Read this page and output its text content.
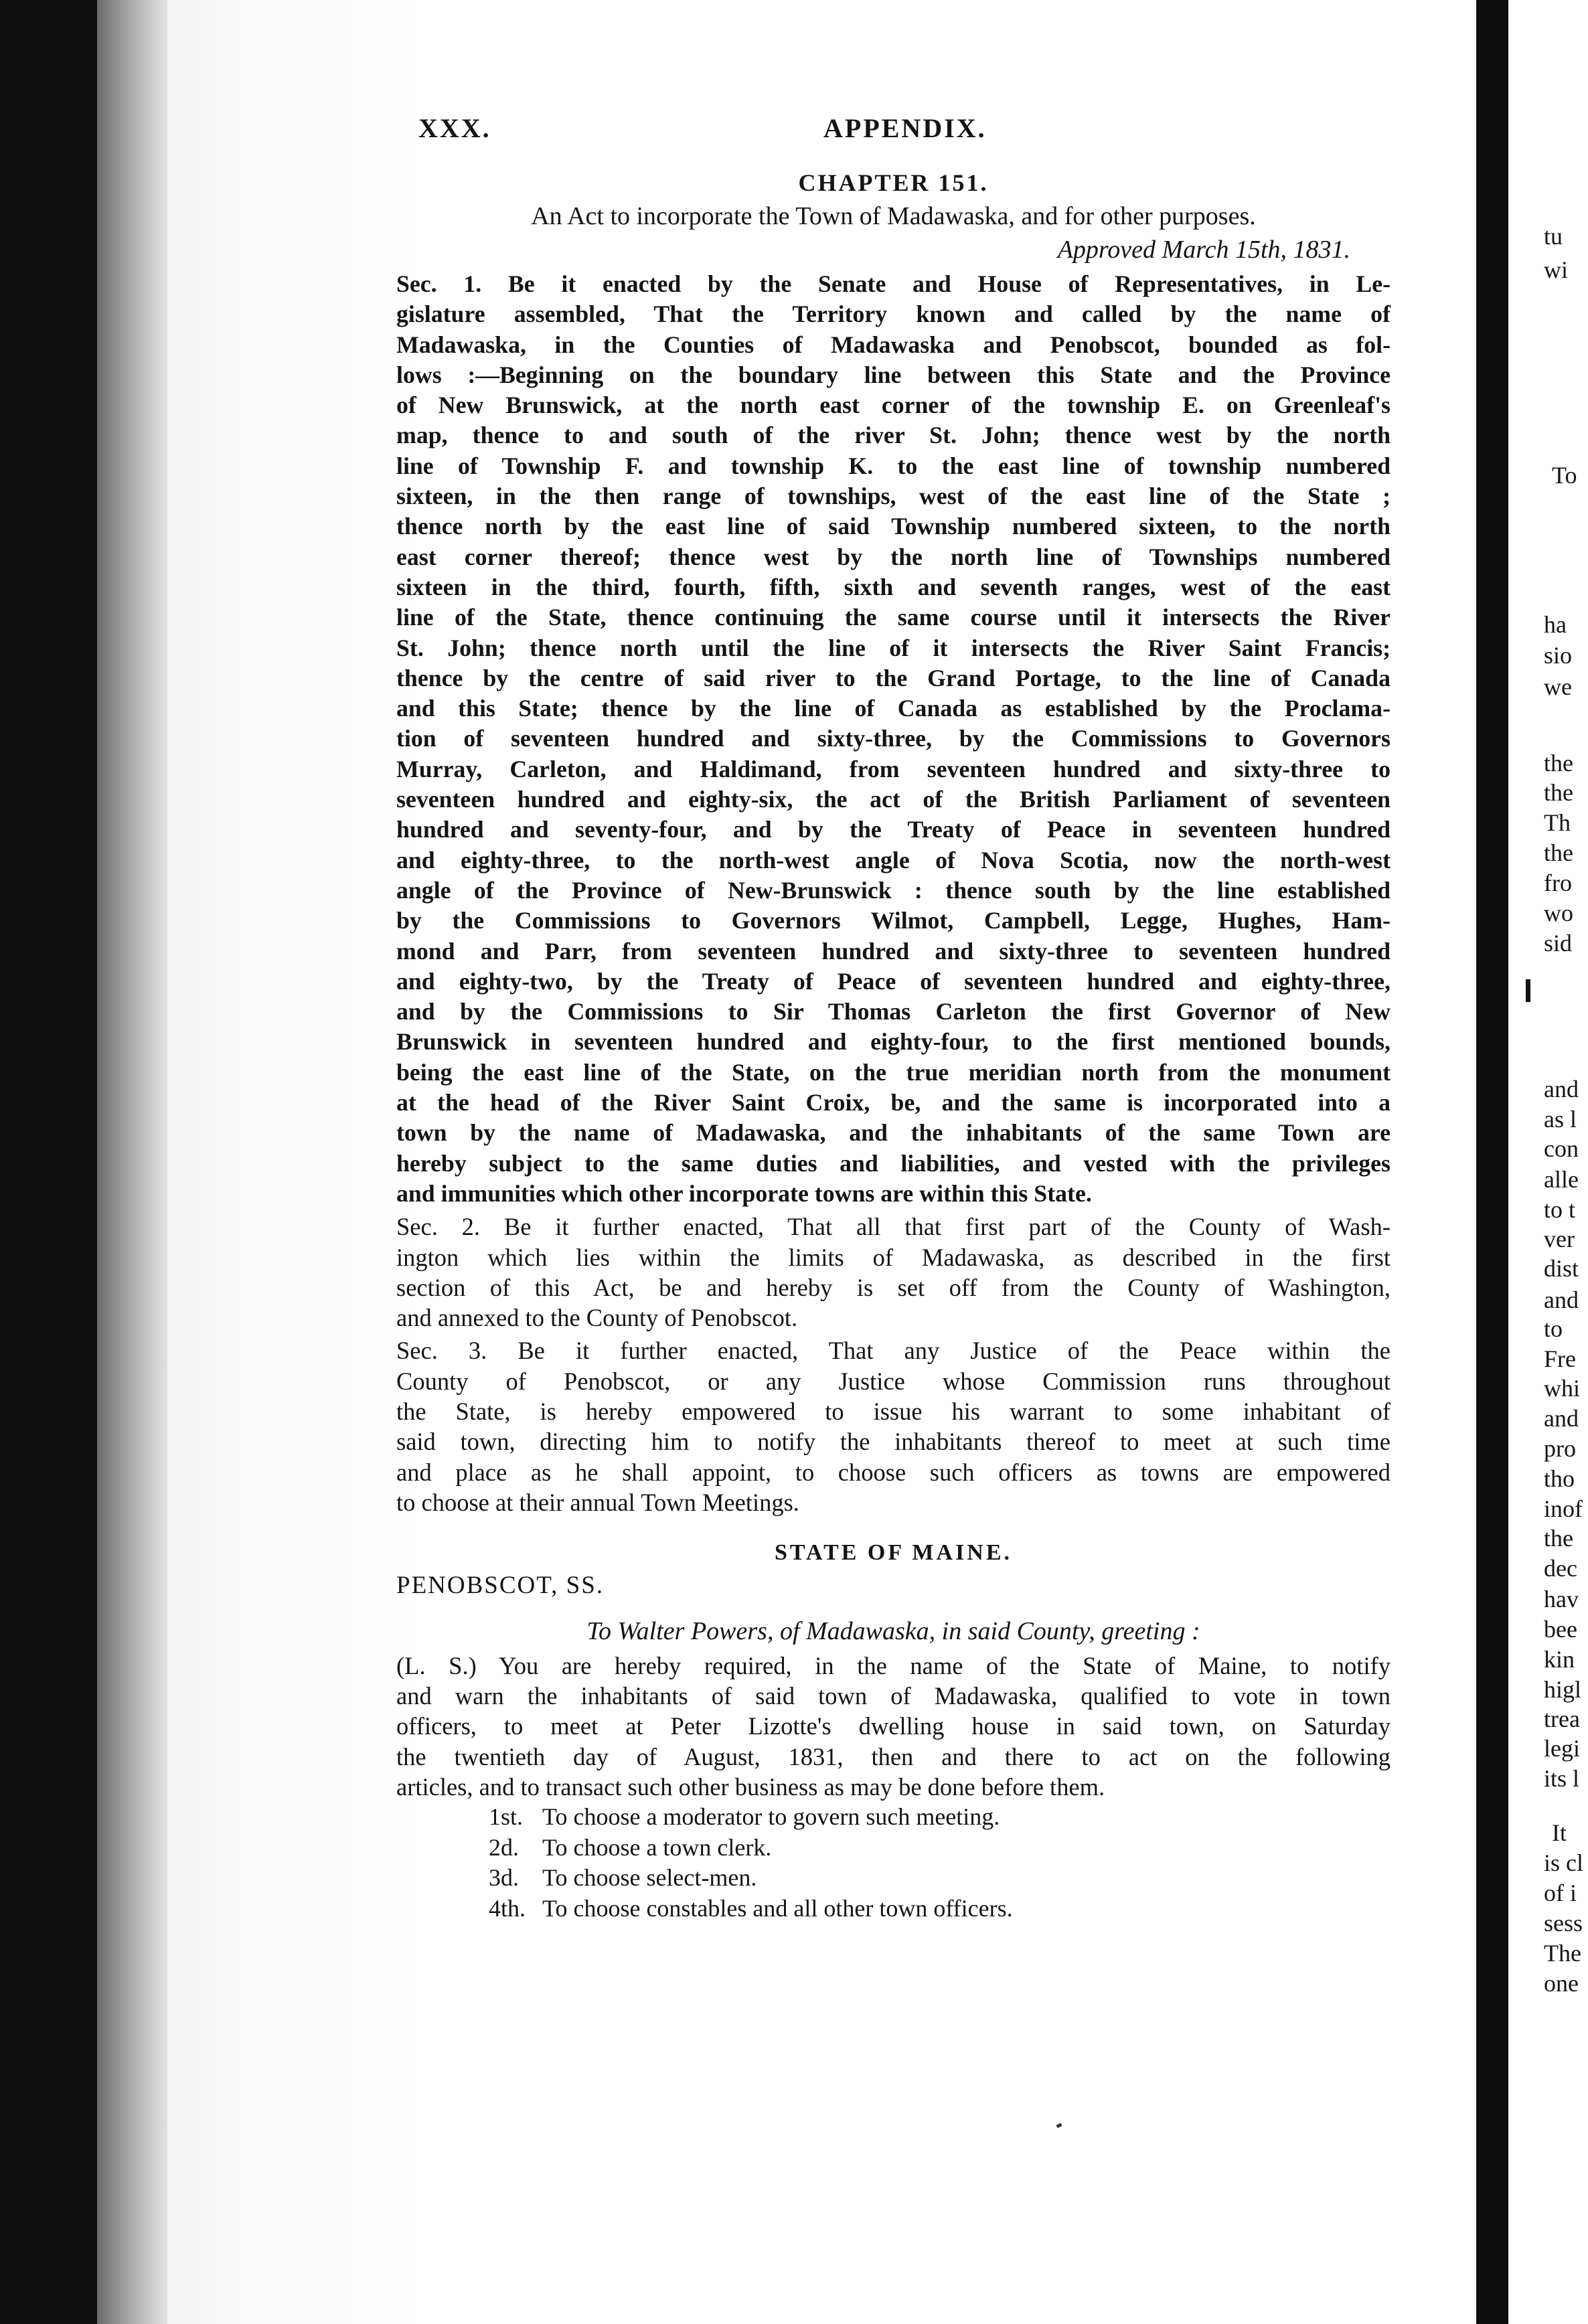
XXX.	APPENDIX.
CHAPTER 151.
An Act to incorporate the Town of Madawaska, and for other purposes.
Approved March 15th, 1831.
Sec. 1. Be it enacted by the Senate and House of Representatives, in Le-
gislature assembled, That the Territory known and called by the name of
Madawaska, in the Counties of Madawaska and Penobscot, bounded as fol-
lows :—Beginning on the boundary line between this State and the Province
of New Brunswick, at the north east corner of the township E. on Greenleaf's
map, thence to and south of the river St. John; thence west by the north
line of Township F. and township K. to the east line of township numbered
sixteen, in the then range of townships, west of the east line of the State ;
thence north by the east line of said Township numbered sixteen, to the north
east corner thereof; thence west by the north line of Townships numbered
sixteen in the third, fourth, fifth, sixth and seventh ranges, west of the east
line of the State, thence continuing the same course until it intersects the River
St. John; thence north until the line of it intersects the River Saint Francis;
thence by the centre of said river to the Grand Portage, to the line of Canada
and this State; thence by the line of Canada as established by the Proclama-
tion of seventeen hundred and sixty-three, by the Commissions to Governors
Murray, Carleton, and Haldimand, from seventeen hundred and sixty-three to
seventeen hundred and eighty-six, the act of the British Parliament of seventeen
hundred and seventy-four, and by the Treaty of Peace in seventeen hundred
and eighty-three, to the north-west angle of Nova Scotia, now the north-west
angle of the Province of New-Brunswick : thence south by the line established
by the Commissions to Governors Wilmot, Campbell, Legge, Hughes, Ham-
mond and Parr, from seventeen hundred and sixty-three to seventeen hundred
and eighty-two, by the Treaty of Peace of seventeen hundred and eighty-three,
and by the Commissions to Sir Thomas Carleton the first Governor of New
Brunswick in seventeen hundred and eighty-four, to the first mentioned bounds,
being the east line of the State, on the true meridian north from the monument
at the head of the River Saint Croix, be, and the same is incorporated into a
town by the name of Madawaska, and the inhabitants of the same Town are
hereby subject to the same duties and liabilities, and vested with the privileges
and immunities which other incorporate towns are within this State.
Sec. 2. Be it further enacted, That all that first part of the County of Wash-
ington which lies within the limits of Madawaska, as described in the first
section of this Act, be and hereby is set off from the County of Washington,
and annexed to the County of Penobscot.
Sec. 3. Be it further enacted, That any Justice of the Peace within the
County of Penobscot, or any Justice whose Commission runs throughout
the State, is hereby empowered to issue his warrant to some inhabitant of
said town, directing him to notify the inhabitants thereof to meet at such time
and place as he shall appoint, to choose such officers as towns are empowered
to choose at their annual Town Meetings.
STATE OF MAINE.
PENOBSCOT, SS.
To Walter Powers, of Madawaska, in said County, greeting :
(L. S.) You are hereby required, in the name of the State of Maine, to notify
and warn the inhabitants of said town of Madawaska, qualified to vote in town
officers, to meet at Peter Lizotte's dwelling house in said town, on Saturday
the twentieth day of August, 1831, then and there to act on the following
articles, and to transact such other business as may be done before them.
1st. To choose a moderator to govern such meeting.
2d. To choose a town clerk.
3d. To choose select-men.
4th. To choose constables and all other town officers.
tu
wi
To
ha
sio
we
the
the
Th
the
fro
wo
sid
and
as l
con
alle
to t
ver
dist
and
to
Fre
whi
and
pro
tho
inof
the
dec
hav
bee
kin
higl
trea
legi
its l
It
is cl
of i
sess
The
one
